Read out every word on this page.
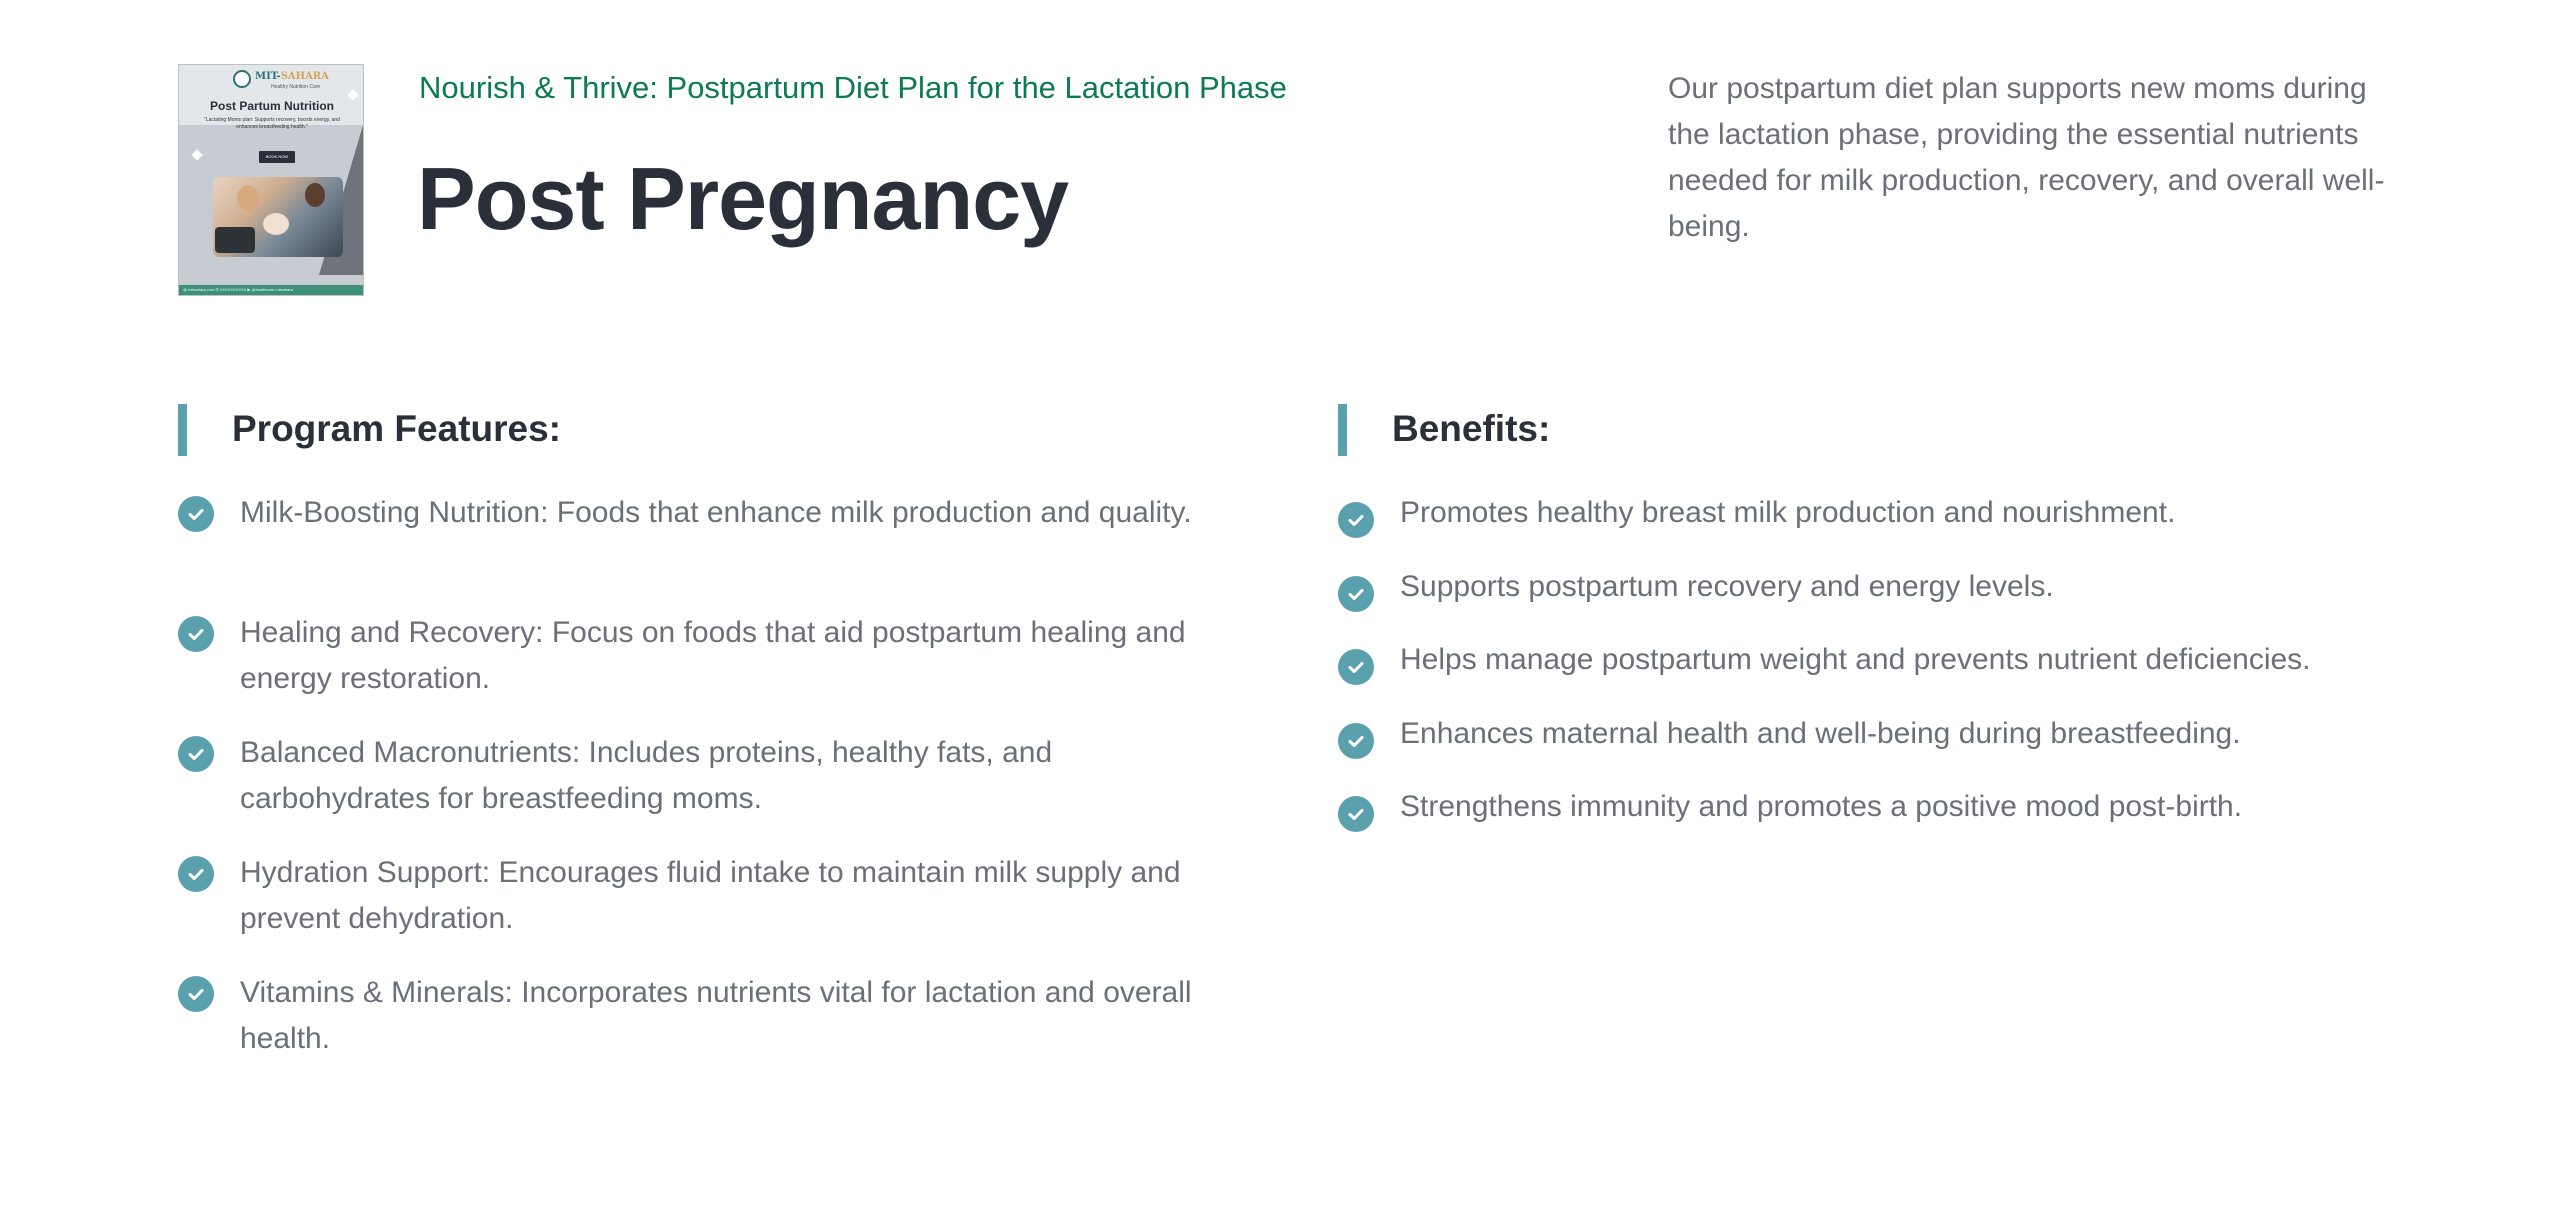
MIT-SAHARA
Healthy Nutrition Care
Post Partum Nutrition
"Lactating Moms plan: Supports recovery, boosts energy, and enhances breastfeeding health."
BOOK NOW
@ mitsahara.com ✆ 9XXXXXXXXX ▶ @healthcare.mitsahara
Nourish & Thrive: Postpartum Diet Plan for the Lactation Phase
Post Pregnancy

Our postpartum diet plan supports new moms during the lactation phase, providing the essential nutrients needed for milk production, recovery, and overall well-being.

Program Features:

Milk-Boosting Nutrition: Foods that enhance milk production and quality.

Healing and Recovery: Focus on foods that aid postpartum healing and energy restoration.

Balanced Macronutrients: Includes proteins, healthy fats, and carbohydrates for breastfeeding moms.

Hydration Support: Encourages fluid intake to maintain milk supply and prevent dehydration.

Vitamins & Minerals: Incorporates nutrients vital for lactation and overall health.

Benefits:

Promotes healthy breast milk production and nourishment.

Supports postpartum recovery and energy levels.

Helps manage postpartum weight and prevents nutrient deficiencies.

Enhances maternal health and well-being during breastfeeding.

Strengthens immunity and promotes a positive mood post-birth.
